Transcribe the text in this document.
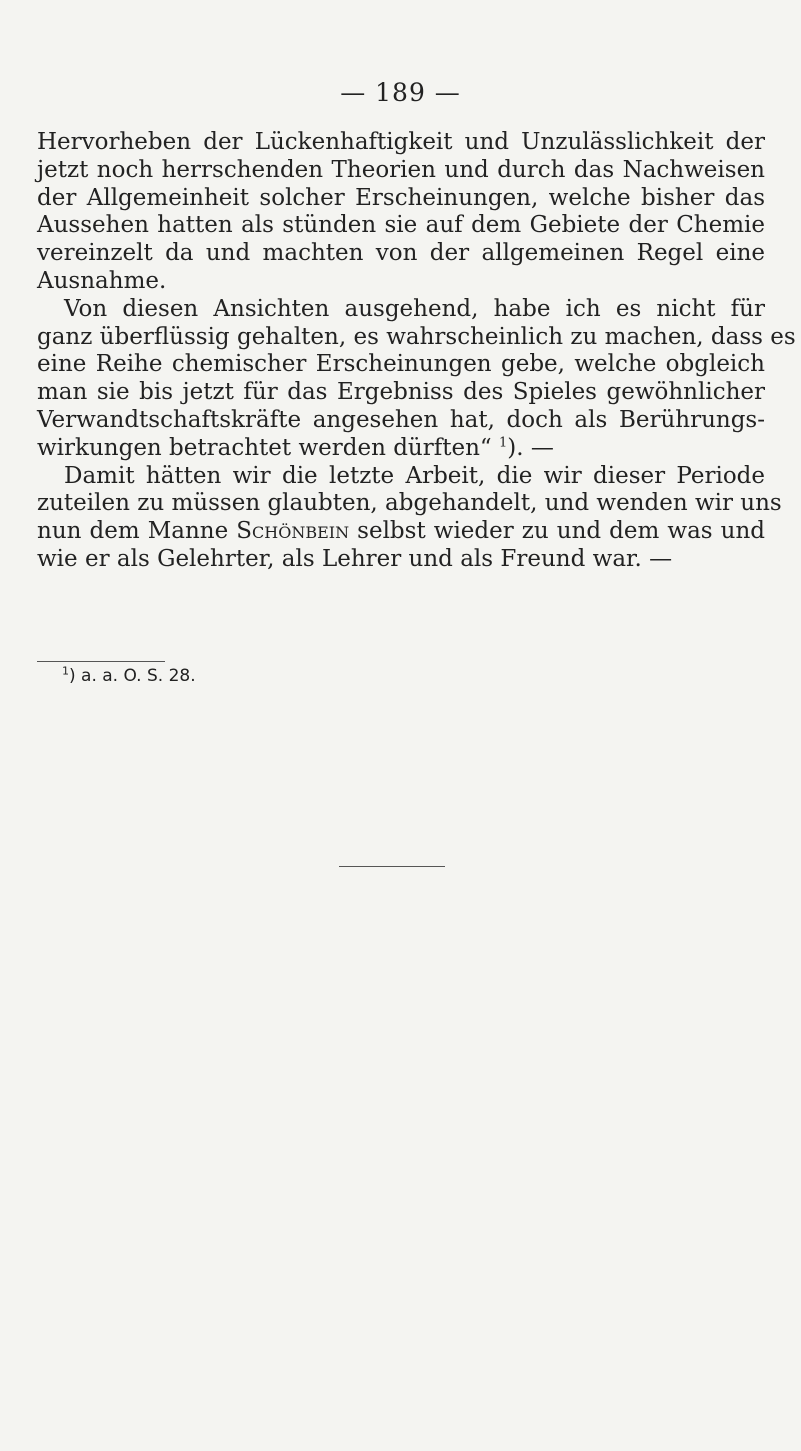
— 189 —
Hervorheben der Lückenhaftigkeit und Unzulässlichkeit der
jetzt noch herrschenden Theorien und durch das Nachweisen
der Allgemeinheit solcher Erscheinungen, welche bisher das
Aussehen hatten als stünden sie auf dem Gebiete der Chemie
vereinzelt da und machten von der allgemeinen Regel eine
Ausnahme.
Von diesen Ansichten ausgehend, habe ich es nicht für
ganz überflüssig gehalten, es wahrscheinlich zu machen, dass es
eine Reihe chemischer Erscheinungen gebe, welche obgleich
man sie bis jetzt für das Ergebniss des Spieles gewöhnlicher
Verwandtschaftskräfte angesehen hat, doch als Berührungs-
wirkungen betrachtet werden dürften“ $^1$). —
Damit hätten wir die letzte Arbeit, die wir dieser Periode
zuteilen zu müssen glaubten, abgehandelt, und wenden wir uns
nun dem Manne Schönbein selbst wieder zu und dem was und
wie er als Gelehrter, als Lehrer und als Freund war. —
$^1$) a. a. O. S. 28.
